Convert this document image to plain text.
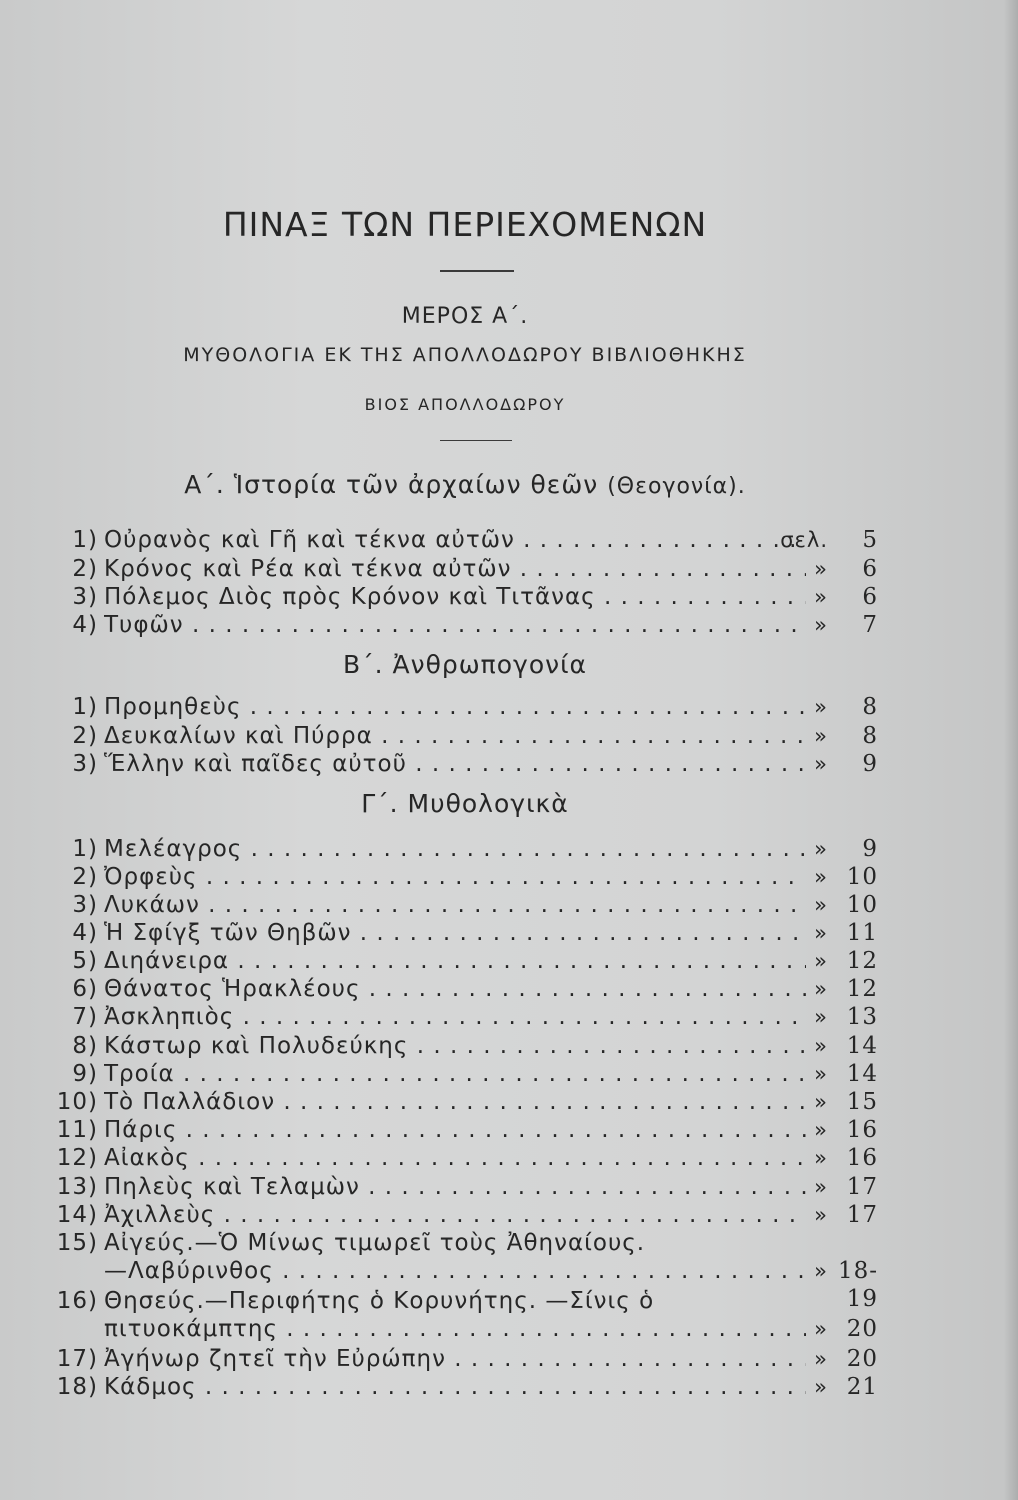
ΠΙΝΑΞ ΤΩΝ ΠΕΡΙΕΧΟΜΕΝΩΝ
ΜΕΡΟΣ Α΄.
ΜΥΘΟΛΟΓΙΑ ΕΚ ΤΗΣ ΑΠΟΛΛΟΔΩΡΟΥ ΒΙΒΛΙΟΘΗΚΗΣ
ΒΙΟΣ ΑΠΟΛΛΟΔΩΡΟΥ
Α΄. Ἱστορία τῶν ἀρχαίων θεῶν (Θεογονία).
1) Οὐρανὸς καὶ Γῆ καὶ τέκνα αὐτῶν . . .	σελ.	5
2) Κρόνος καὶ Ρέα καὶ τέκνα αὐτῶν . . .	»	6
3) Πόλεμος Διὸς πρὸς Κρόνον καὶ Τιτᾶνας . . .	»	6
4) Τυφῶν . . .	»	7
Β΄. Ἀνθρωπογονία
1) Προμηθεὺς . . .	»	8
2) Δευκαλίων καὶ Πύρρα . . .	»	8
3) Ἕλλην καὶ παῖδες αὐτοῦ . . .	»	9
Γ΄. Μυθολογικὰ
1) Μελέαγρος . . .	»	9
2) Ὀρφεὺς . . .	» 10
3) Λυκάων . . .	» 10
4) Ἡ Σφίγξ τῶν Θηβῶν . . .	» 11
5) Διηάνειρα . . .	» 12
6) Θάνατος Ἡρακλέους . . .	» 12
7) Ἀσκληπιὸς . . .	» 13
8) Κάστωρ καὶ Πολυδεύκης . . .	» 14
9) Τροία . . .	» 14
10) Τὸ Παλλάδιον . . .	» 15
11) Πάρις . . .	» 16
12) Αἰακὸς . . .	» 16
13) Πηλεὺς καὶ Τελαμὼν . . .	» 17
14) Ἀχιλλεὺς . . .	» 17
15) Αἰγεύς.—Ὁ Μίνως τιμωρεῖ τοὺς Ἀθηναίους.
—Λαβύρινθος . . .	» 18-19
16) Θησεύς.—Περιφήτης ὁ Κορυνήτης. —Σίνις ὁ
πιτυοκάμπτης . . .	» 20
17) Ἀγήνωρ ζητεῖ τὴν Εὐρώπην . . .	» 20
18) Κάδμος . . .	» 21
